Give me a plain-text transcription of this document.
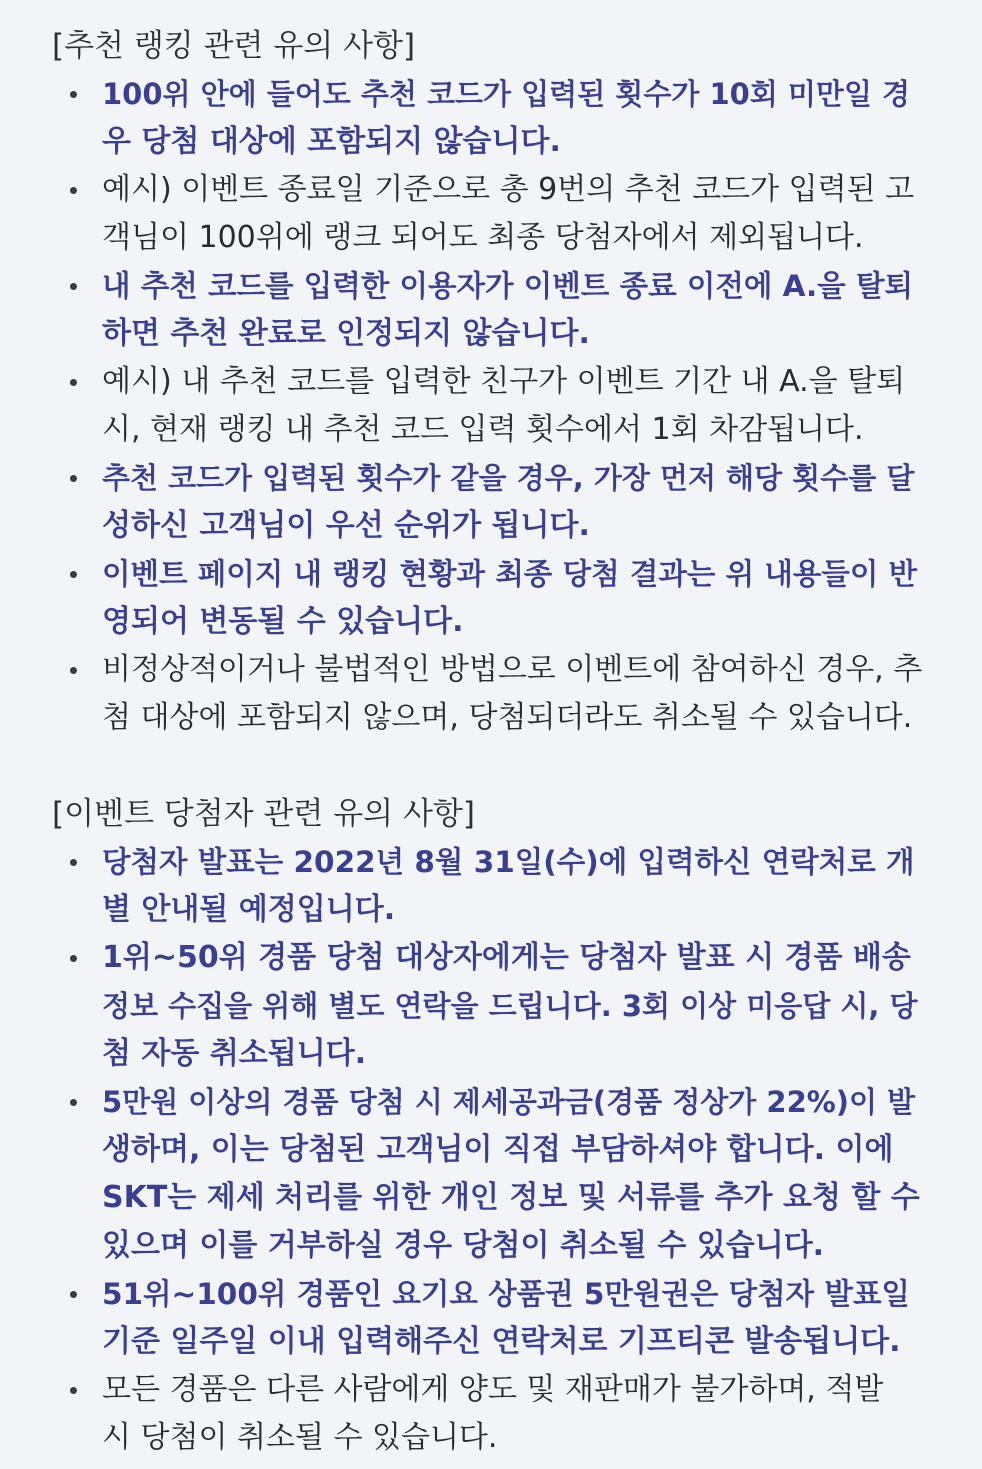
[추천 랭킹 관련 유의 사항]
100위 안에 들어도 추천 코드가 입력된 횟수가 10회 미만일 경
우 당첨 대상에 포함되지 않습니다.
예시) 이벤트 종료일 기준으로 총 9번의 추천 코드가 입력된 고
객님이 100위에 랭크 되어도 최종 당첨자에서 제외됩니다.
내 추천 코드를 입력한 이용자가 이벤트 종료 이전에 A.을 탈퇴
하면 추천 완료로 인정되지 않습니다.
예시) 내 추천 코드를 입력한 친구가 이벤트 기간 내 A.을 탈퇴
시, 현재 랭킹 내 추천 코드 입력 횟수에서 1회 차감됩니다.
추천 코드가 입력된 횟수가 같을 경우, 가장 먼저 해당 횟수를 달
성하신 고객님이 우선 순위가 됩니다.
이벤트 페이지 내 랭킹 현황과 최종 당첨 결과는 위 내용들이 반
영되어 변동될 수 있습니다.
비정상적이거나 불법적인 방법으로 이벤트에 참여하신 경우, 추
첨 대상에 포함되지 않으며, 당첨되더라도 취소될 수 있습니다.
[이벤트 당첨자 관련 유의 사항]
당첨자 발표는 2022년 8월 31일(수)에 입력하신 연락처로 개
별 안내될 예정입니다.
1위~50위 경품 당첨 대상자에게는 당첨자 발표 시 경품 배송
정보 수집을 위해 별도 연락을 드립니다. 3회 이상 미응답 시, 당
첨 자동 취소됩니다.
5만원 이상의 경품 당첨 시 제세공과금(경품 정상가 22%)이 발
생하며, 이는 당첨된 고객님이 직접 부담하셔야 합니다. 이에
SKT는 제세 처리를 위한 개인 정보 및 서류를 추가 요청 할 수
있으며 이를 거부하실 경우 당첨이 취소될 수 있습니다.
51위~100위 경품인 요기요 상품권 5만원권은 당첨자 발표일
기준 일주일 이내 입력해주신 연락처로 기프티콘 발송됩니다.
모든 경품은 다른 사람에게 양도 및 재판매가 불가하며, 적발
시 당첨이 취소될 수 있습니다.
